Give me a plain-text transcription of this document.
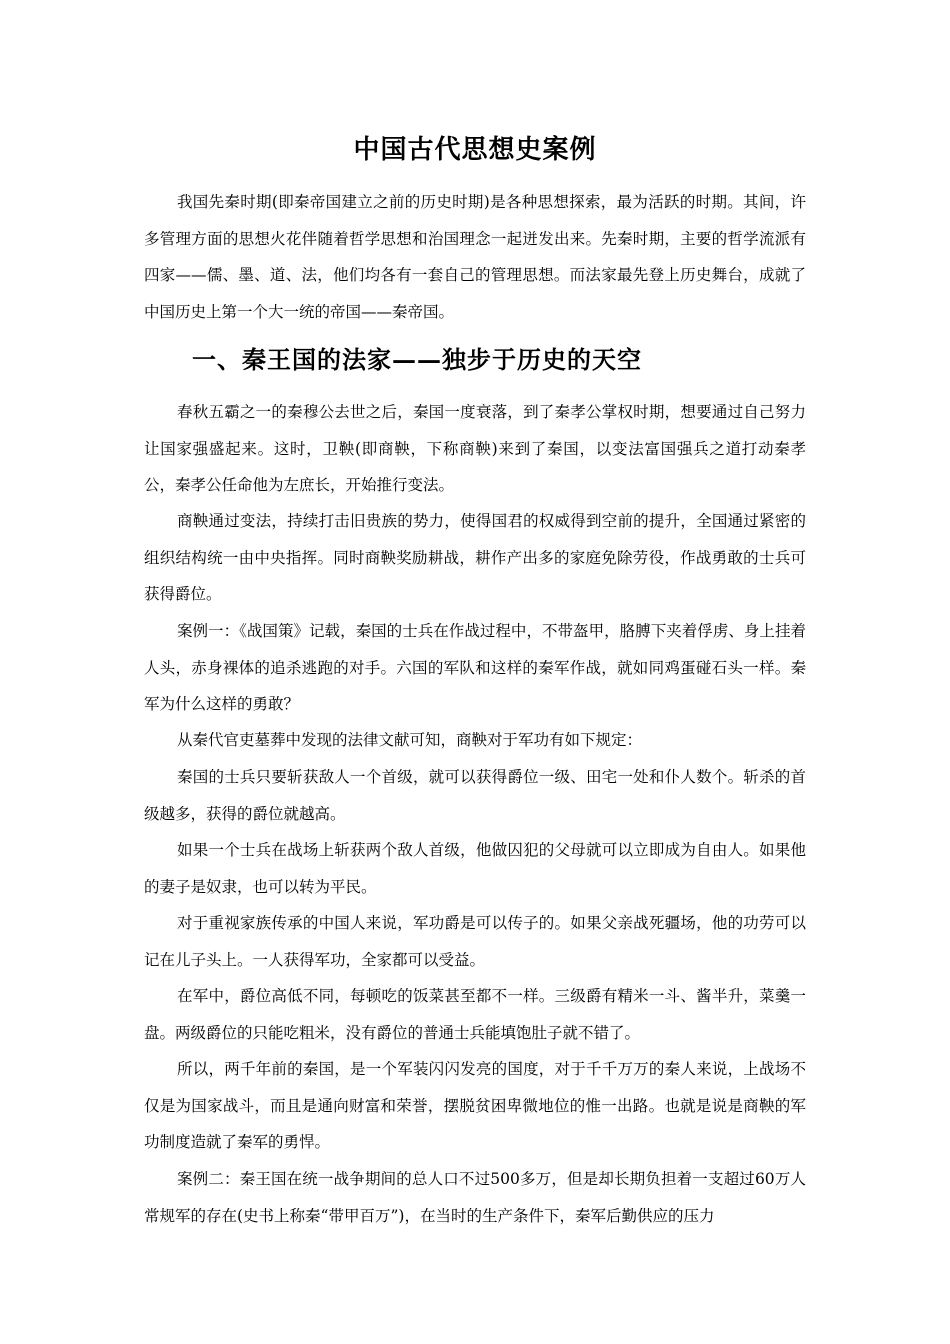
中国古代思想史案例

我国先秦时期(即秦帝国建立之前的历史时期)是各种思想探索，最为活跃的时期。其间，许多管理方面的思想火花伴随着哲学思想和治国理念一起迸发出来。先秦时期，主要的哲学流派有四家——儒、墨、道、法，他们均各有一套自己的管理思想。而法家最先登上历史舞台，成就了中国历史上第一个大一统的帝国——秦帝国。

一、秦王国的法家——独步于历史的天空

春秋五霸之一的秦穆公去世之后，秦国一度衰落，到了秦孝公掌权时期，想要通过自己努力让国家强盛起来。这时，卫鞅(即商鞅，下称商鞅)来到了秦国，以变法富国强兵之道打动秦孝公，秦孝公任命他为左庶长，开始推行变法。

商鞅通过变法，持续打击旧贵族的势力，使得国君的权威得到空前的提升，全国通过紧密的组织结构统一由中央指挥。同时商鞅奖励耕战，耕作产出多的家庭免除劳役，作战勇敢的士兵可获得爵位。

案例一：《战国策》记载，秦国的士兵在作战过程中，不带盔甲，胳膊下夹着俘虏、身上挂着人头，赤身裸体的追杀逃跑的对手。六国的军队和这样的秦军作战，就如同鸡蛋碰石头一样。秦军为什么这样的勇敢？

从秦代官吏墓葬中发现的法律文献可知，商鞅对于军功有如下规定：

秦国的士兵只要斩获敌人一个首级，就可以获得爵位一级、田宅一处和仆人数个。斩杀的首级越多，获得的爵位就越高。

如果一个士兵在战场上斩获两个敌人首级，他做囚犯的父母就可以立即成为自由人。如果他的妻子是奴隶，也可以转为平民。

对于重视家族传承的中国人来说，军功爵是可以传子的。如果父亲战死疆场，他的功劳可以记在儿子头上。一人获得军功，全家都可以受益。

在军中，爵位高低不同，每顿吃的饭菜甚至都不一样。三级爵有精米一斗、酱半升，菜羹一盘。两级爵位的只能吃粗米，没有爵位的普通士兵能填饱肚子就不错了。

所以，两千年前的秦国，是一个军装闪闪发亮的国度，对于千千万万的秦人来说，上战场不仅是为国家战斗，而且是通向财富和荣誉，摆脱贫困卑微地位的惟一出路。也就是说是商鞅的军功制度造就了秦军的勇悍。

案例二：秦王国在统一战争期间的总人口不过500多万，但是却长期负担着一支超过60万人常规军的存在(史书上称秦“带甲百万”)，在当时的生产条件下，秦军后勤供应的压力
